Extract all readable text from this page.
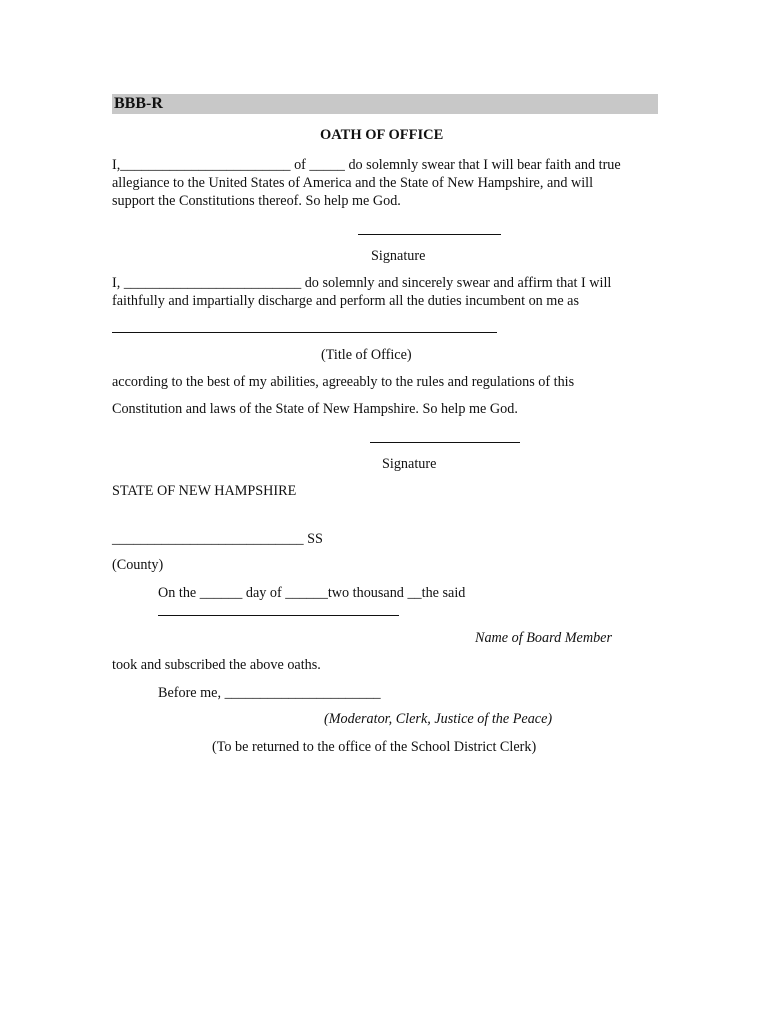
BBB-R
OATH OF OFFICE
I,________________________ of _____ do solemnly swear that I will bear faith and true
allegiance to the United States of America and the State of New Hampshire, and will
support the Constitutions thereof. So help me God.
Signature
I, _________________________ do solemnly and sincerely swear and affirm that I will
faithfully and impartially discharge and perform all the duties incumbent on me as
(Title of Office)
according to the best of my abilities, agreeably to the rules and regulations of this
Constitution and laws of the State of New Hampshire. So help me God.
Signature
STATE OF NEW HAMPSHIRE
___________________________ SS
(County)
On the ______ day of ______two thousand __the said
Name of Board Member
took and subscribed the above oaths.
Before me, ______________________
(Moderator, Clerk, Justice of the Peace)
(To be returned to the office of the School District Clerk)
